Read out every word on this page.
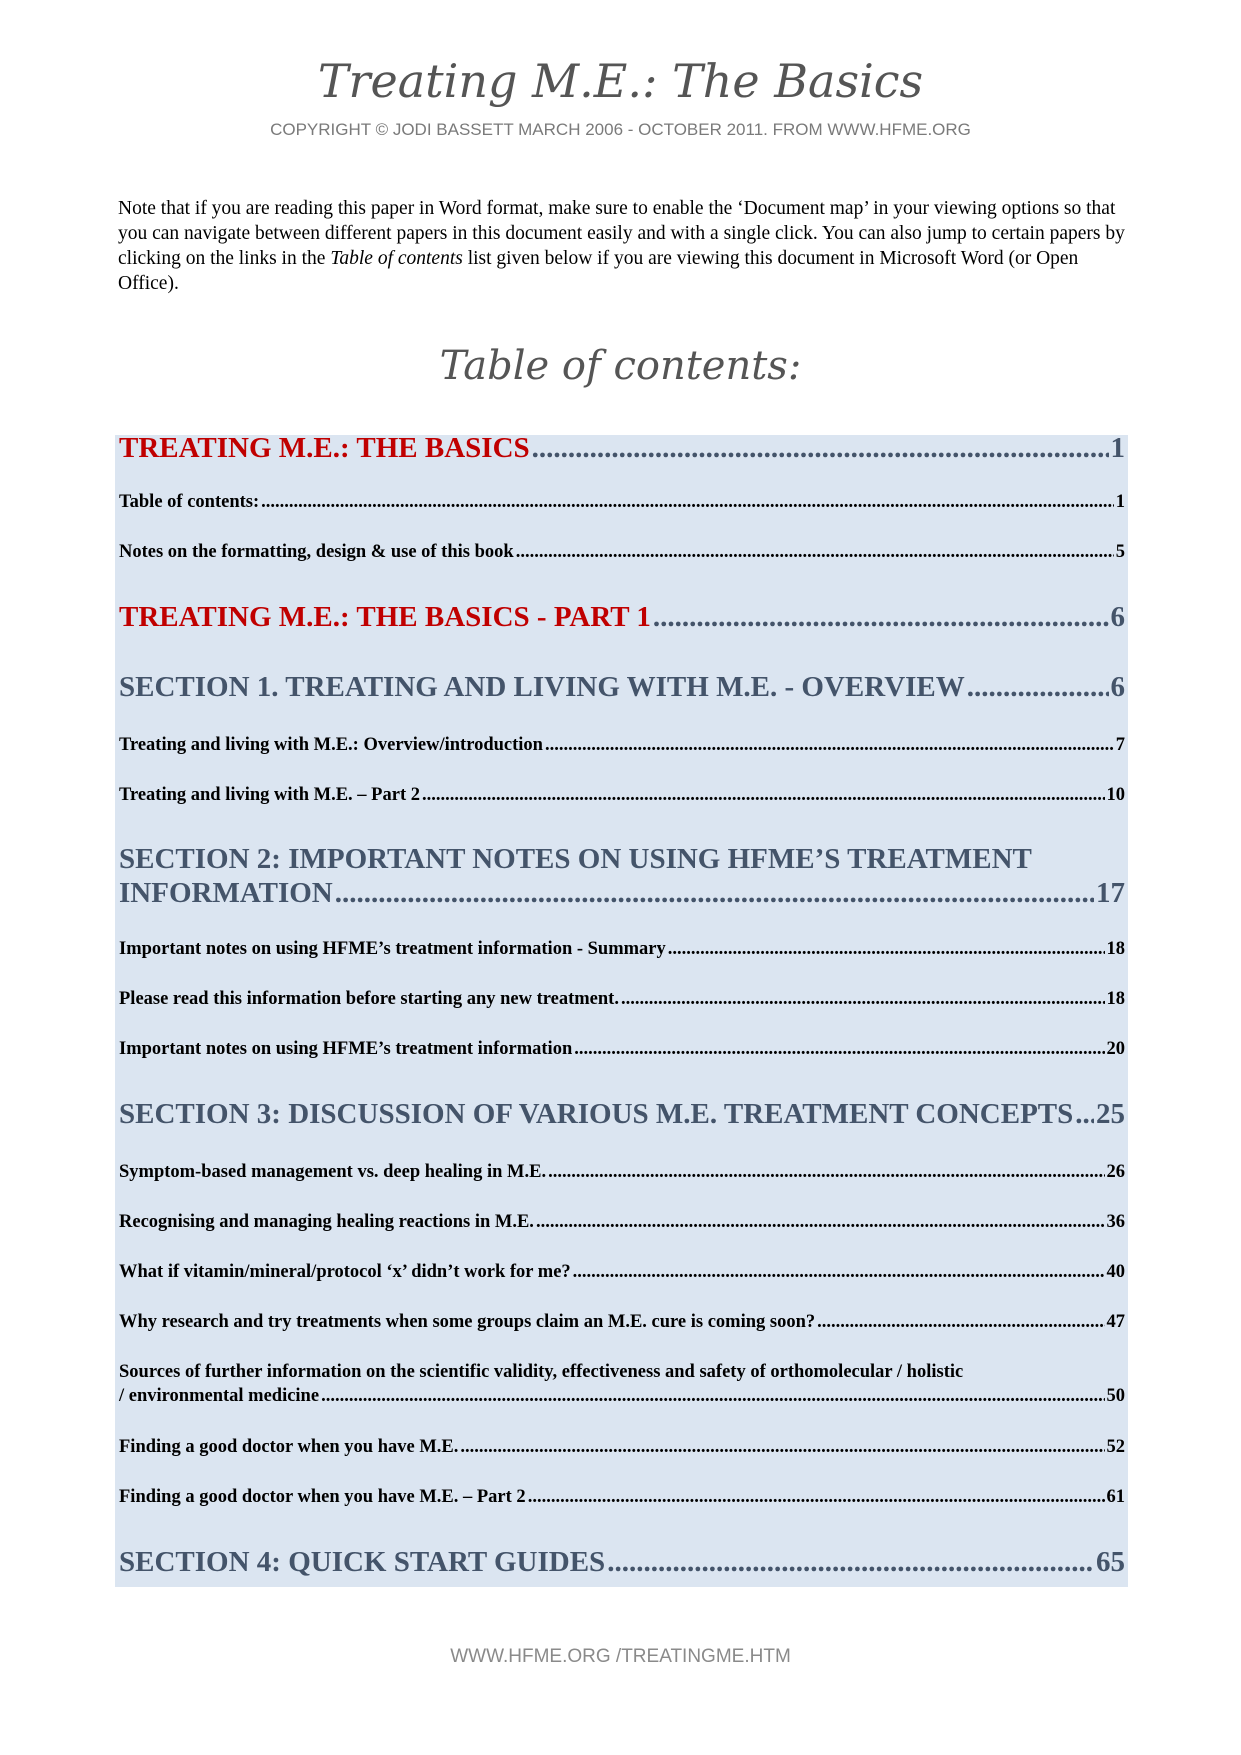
Treating M.E.: The Basics
COPYRIGHT © JODI BASSETT MARCH 2006 - OCTOBER 2011. FROM WWW.HFME.ORG
Note that if you are reading this paper in Word format, make sure to enable the ‘Document map’ in your viewing options so that you can navigate between different papers in this document easily and with a single click. You can also jump to certain papers by clicking on the links in the Table of contents list given below if you are viewing this document in Microsoft Word (or Open Office).
Table of contents:
TREATING M.E.: THE BASICS .....	1
Table of contents: .....	1
Notes on the formatting, design & use of this book .....	5
TREATING M.E.: THE BASICS - PART 1 .....	6
SECTION 1. TREATING AND LIVING WITH M.E. - OVERVIEW .....	6
Treating and living with M.E.: Overview/introduction .....	7
Treating and living with M.E. – Part 2 .....	10
SECTION 2: IMPORTANT NOTES ON USING HFME’S TREATMENT
INFORMATION .....	17
Important notes on using HFME’s treatment information - Summary .....	18
Please read this information before starting any new treatment. .....	18
Important notes on using HFME’s treatment information .....	20
SECTION 3: DISCUSSION OF VARIOUS M.E. TREATMENT CONCEPTS ..... 25
Symptom-based management vs. deep healing in M.E. .....	26
Recognising and managing healing reactions in M.E. .....	36
What if vitamin/mineral/protocol ‘x’ didn’t work for me? .....	40
Why research and try treatments when some groups claim an M.E. cure is coming soon? .....	47
Sources of further information on the scientific validity, effectiveness and safety of orthomolecular / holistic
/ environmental medicine .....	50
Finding a good doctor when you have M.E. .....	52
Finding a good doctor when you have M.E. – Part 2 .....	61
SECTION 4: QUICK START GUIDES .....	65
WWW.HFME.ORG /TREATINGME.HTM
